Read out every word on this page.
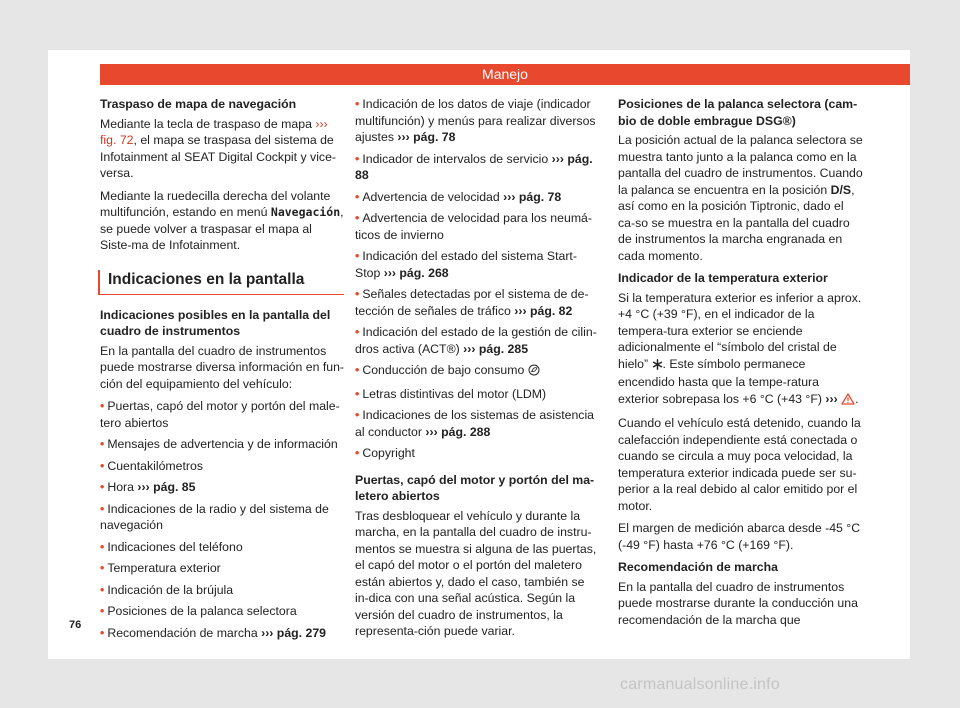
Manejo

Traspaso de mapa de navegación

Mediante la tecla de traspaso de mapa ››› fig. 72, el mapa se traspasa del sistema de Infotainment al SEAT Digital Cockpit y vice-versa.

Mediante la ruedecilla derecha del volante multifunción, estando en menú Navegación, se puede volver a traspasar el mapa al Siste-ma de Infotainment.

Indicaciones en la pantalla

Indicaciones posibles en la pantalla del cuadro de instrumentos

En la pantalla del cuadro de instrumentos puede mostrarse diversa información en fun-ción del equipamiento del vehículo:

• Puertas, capó del motor y portón del male-tero abiertos
• Mensajes de advertencia y de información
• Cuentakilómetros
• Hora ››› pág. 85
• Indicaciones de la radio y del sistema de navegación
• Indicaciones del teléfono
• Temperatura exterior
• Indicación de la brújula
• Posiciones de la palanca selectora
• Recomendación de marcha ››› pág. 279
• Indicación de los datos de viaje (indicador multifunción) y menús para realizar diversos ajustes ››› pág. 78
• Indicador de intervalos de servicio ››› pág. 88
• Advertencia de velocidad ››› pág. 78
• Advertencia de velocidad para los neumá-ticos de invierno
• Indicación del estado del sistema Start-Stop ››› pág. 268
• Señales detectadas por el sistema de de-tección de señales de tráfico ››› pág. 82
• Indicación del estado de la gestión de cilin-dros activa (ACT®) ››› pág. 285
• Conducción de bajo consumo
• Letras distintivas del motor (LDM)
• Indicaciones de los sistemas de asistencia al conductor ››› pág. 288
• Copyright

Puertas, capó del motor y portón del ma-letero abiertos

Tras desbloquear el vehículo y durante la marcha, en la pantalla del cuadro de instru-mentos se muestra si alguna de las puertas, el capó del motor o el portón del maletero están abiertos y, dado el caso, también se in-dica con una señal acústica. Según la versión del cuadro de instrumentos, la representa-ción puede variar.

Posiciones de la palanca selectora (cam-bio de doble embrague DSG®)

La posición actual de la palanca selectora se muestra tanto junto a la palanca como en la pantalla del cuadro de instrumentos. Cuando la palanca se encuentra en la posición D/S, así como en la posición Tiptronic, dado el ca-so se muestra en la pantalla del cuadro de instrumentos la marcha engranada en cada momento.

Indicador de la temperatura exterior

Si la temperatura exterior es inferior a aprox. +4 °C (+39 °F), en el indicador de la tempera-tura exterior se enciende adicionalmente el “símbolo del cristal de hielo” . Este símbolo permanece encendido hasta que la tempe-ratura exterior sobrepasa los +6 °C (+43 °F) ››› .

Cuando el vehículo está detenido, cuando la calefacción independiente está conectada o cuando se circula a muy poca velocidad, la temperatura exterior indicada puede ser su-perior a la real debido al calor emitido por el motor.

El margen de medición abarca desde -45 °C (-49 °F) hasta +76 °C (+169 °F).

Recomendación de marcha

En la pantalla del cuadro de instrumentos puede mostrarse durante la conducción una recomendación de la marcha que

76
carmanualsonline.info
